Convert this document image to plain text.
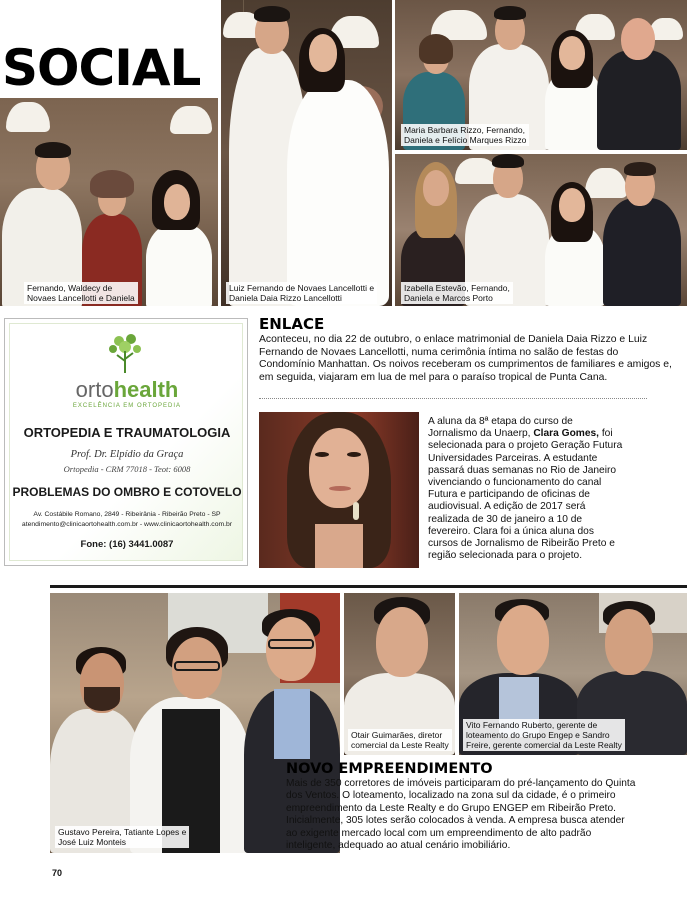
SOCIAL
Fernando, Waldecy de
Novaes Lancellotti e Daniela
Luiz Fernando de Novaes Lancellotti e
Daniela Daia Rizzo Lancellotti
Maria Barbara Rizzo, Fernando,
Daniela e Felício Marques Rizzo
Izabella Estevão, Fernando,
Daniela e Marcos Porto
ortohealth
EXCELÊNCIA EM ORTOPEDIA
ORTOPEDIA E TRAUMATOLOGIA
Prof. Dr. Elpídio da Graça
Ortopedia - CRM 77018 - Teot: 6008
PROBLEMAS DO OMBRO E COTOVELO
Av. Costábile Romano, 2849 - Ribeirânia - Ribeirão Preto - SP
atendimento@clinicaortohealth.com.br - www.clinicaortohealth.com.br
Fone: (16) 3441.0087
ENLACE
Aconteceu, no dia 22 de outubro, o enlace matrimonial de Daniela Daia Rizzo e Luiz Fernando de Novaes Lancellotti, numa cerimônia íntima no salão de festas do Condomínio Manhattan. Os noivos receberam os cumprimentos de familiares e amigos e, em seguida, viajaram em lua de mel para o paraíso tropical de Punta Cana.
A aluna da 8ª etapa do curso de Jornalismo da Unaerp, Clara Gomes, foi selecionada para o projeto Geração Futura Universidades Parceiras. A estudante passará duas semanas no Rio de Janeiro vivenciando o funcionamento do canal Futura e participando de oficinas de audiovisual. A edição de 2017 será realizada de 30 de janeiro a 10 de fevereiro. Clara foi a única aluna dos cursos de Jornalismo de Ribeirão Preto e região selecionada para o projeto.
Gustavo Pereira, Tatiante Lopes e
José Luiz Monteis
Otair Guimarães, diretor
comercial da Leste Realty
Vito Fernando Ruberto, gerente de
loteamento do Grupo Engep e Sandro
Freire, gerente comercial da Leste Realty
NOVO EMPREENDIMENTO
Mais de 350 corretores de imóveis participaram do pré-lançamento do Quinta dos Ventos. O loteamento, localizado na zona sul da cidade, é o primeiro empreendimento da Leste Realty e do Grupo ENGEP em Ribeirão Preto. Inicialmente, 305 lotes serão colocados à venda. A empresa busca atender ao exigente mercado local com um empreendimento de alto padrão inteligente, adequado ao atual cenário imobiliário.
70
